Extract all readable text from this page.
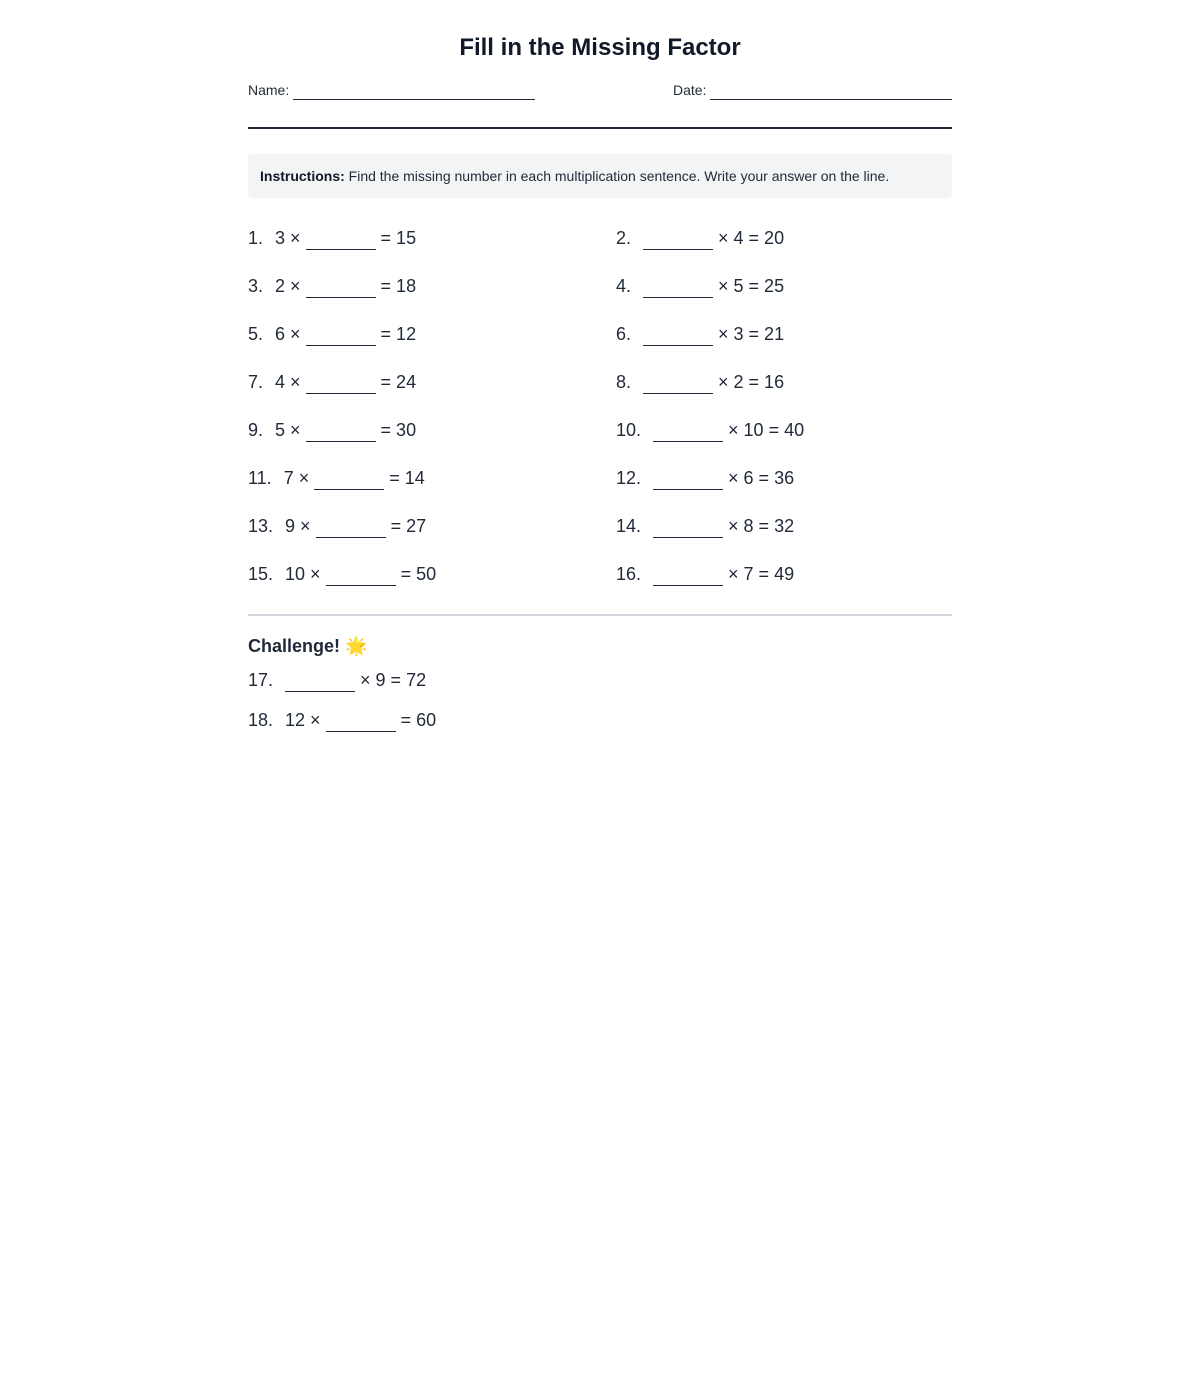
Fill in the Missing Factor
Name:	Date:
Instructions: Find the missing number in each multiplication sentence. Write your answer on the line.
1. 3 ×	= 15	2.	× 4 = 20
3. 2 ×	= 18	4.	× 5 = 25
5. 6 ×	= 12	6.	× 3 = 21
7. 4 ×	= 24	8.	× 2 = 16
9. 5 ×	= 30	10.	× 10 = 40
11. 7 ×	= 14	12.	× 6 = 36
13. 9 ×	= 27	14.	× 8 = 32
15. 10 ×	= 50	16.	× 7 = 49
Challenge! 🌟
17.	× 9 = 72
18. 12 ×	= 60
